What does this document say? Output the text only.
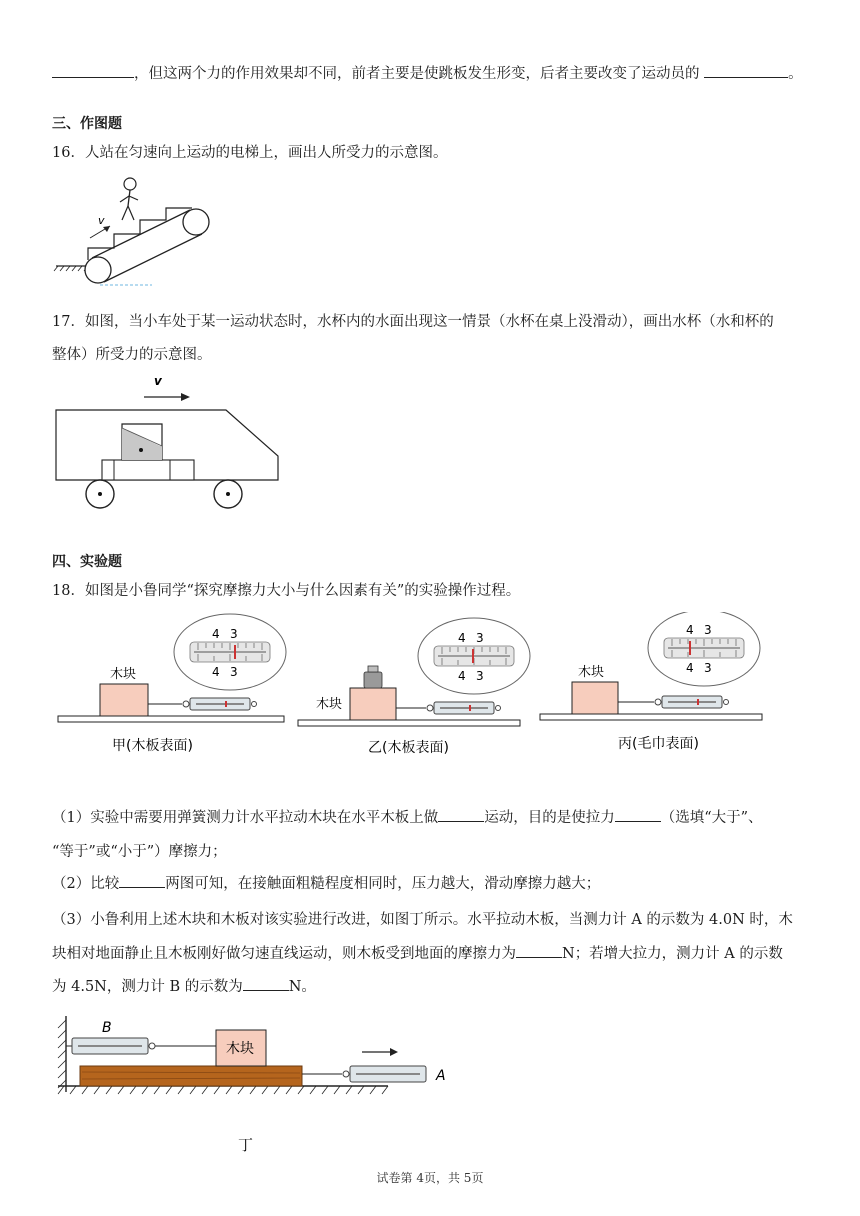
，但这两个力的作用效果却不同，前者主要是使跳板发生形变，后者主要改变了运动员的	。
三、作图题
16．人站在匀速向上运动的电梯上，画出人所受力的示意图。
v
17．如图，当小车处于某一运动状态时，水杯内的水面出现这一情景（水杯在桌上没滑动），画出水杯（水和杯的
整体）所受力的示意图。
v
四、实验题
18．如图是小鲁同学“探究摩擦力大小与什么因素有关”的实验操作过程。
木块
4 3
4 3
甲(木板表面)
木块
4 3
4 3
乙(木板表面)
木块
4 3
4 3
丙(毛巾表面)
（1）实验中需要用弹簧测力计水平拉动木块在水平木板上做	运动，目的是使拉力	（选填“大于”、
“等于”或“小于”）摩擦力；
（2）比较	两图可知，在接触面粗糙程度相同时，压力越大，滑动摩擦力越大；
（3）小鲁利用上述木块和木板对该实验进行改进，如图丁所示。水平拉动木板，当测力计 A 的示数为 4.0N 时，木
块相对地面静止且木板刚好做匀速直线运动，则木板受到地面的摩擦力为	N；若增大拉力，测力计 A 的示数
为 4.5N，测力计 B 的示数为	N。
木块
B
A
丁
试卷第 4页，共 5页
